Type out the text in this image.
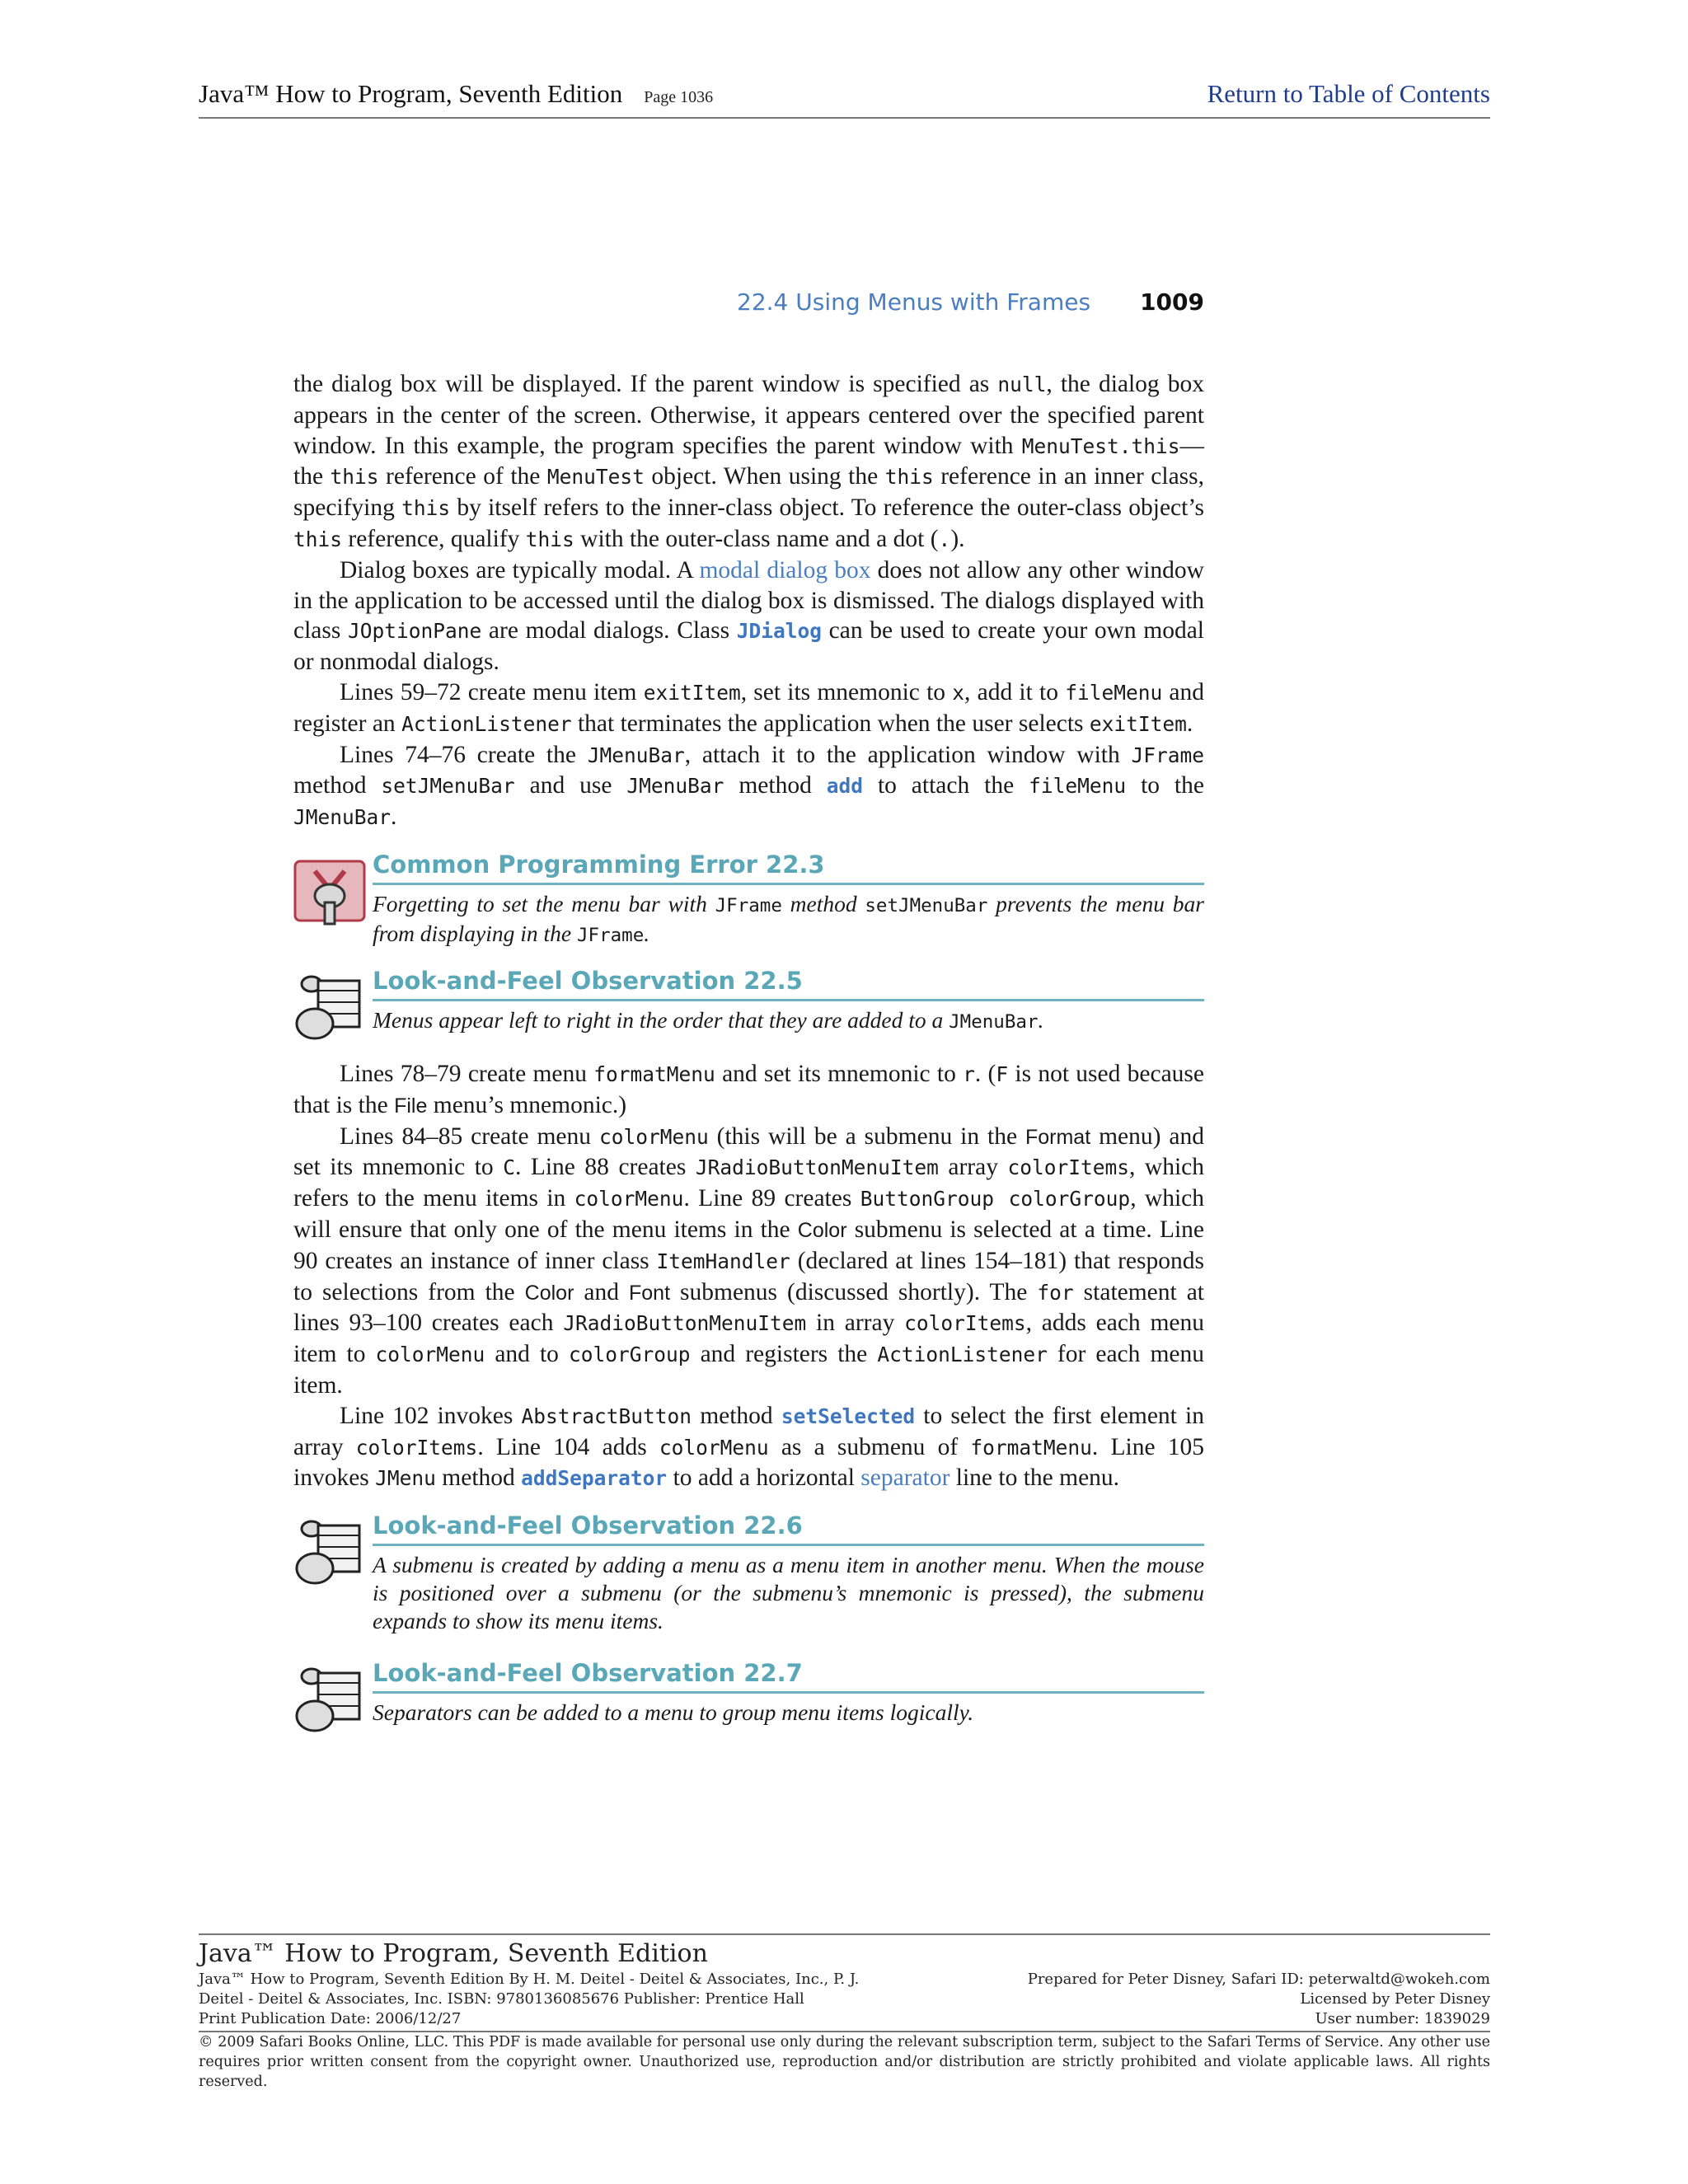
Java™ How to Program, Seventh Edition Page 1036	Return to Table of Contents
22.4 Using Menus with Frames 1009

the dialog box will be displayed. If the parent window is specified as null, the dialog box appears in the center of the screen. Otherwise, it appears centered over the specified parent window. In this example, the program specifies the parent window with MenuTest.this—the this reference of the MenuTest object. When using the this reference in an inner class, specifying this by itself refers to the inner-class object. To reference the outer-class object’s this reference, qualify this with the outer-class name and a dot (.).

Dialog boxes are typically modal. A modal dialog box does not allow any other window in the application to be accessed until the dialog box is dismissed. The dialogs displayed with class JOptionPane are modal dialogs. Class JDialog can be used to create your own modal or nonmodal dialogs.

Lines 59–72 create menu item exitItem, set its mnemonic to x, add it to fileMenu and register an ActionListener that terminates the application when the user selects exitItem.

Lines 74–76 create the JMenuBar, attach it to the application window with JFrame method setJMenuBar and use JMenuBar method add to attach the fileMenu to the JMenuBar.

Common Programming Error 22.3
Forgetting to set the menu bar with JFrame method setJMenuBar prevents the menu bar from displaying in the JFrame.
Look-and-Feel Observation 22.5
Menus appear left to right in the order that they are added to a JMenuBar.

Lines 78–79 create menu formatMenu and set its mnemonic to r. (F is not used because that is the File menu’s mnemonic.)

Lines 84–85 create menu colorMenu (this will be a submenu in the Format menu) and set its mnemonic to C. Line 88 creates JRadioButtonMenuItem array colorItems, which refers to the menu items in colorMenu. Line 89 creates ButtonGroup colorGroup, which will ensure that only one of the menu items in the Color submenu is selected at a time. Line 90 creates an instance of inner class ItemHandler (declared at lines 154–181) that responds to selections from the Color and Font submenus (discussed shortly). The for statement at lines 93–100 creates each JRadioButtonMenuItem in array colorItems, adds each menu item to colorMenu and to colorGroup and registers the ActionListener for each menu item.

Line 102 invokes AbstractButton method setSelected to select the first element in array colorItems. Line 104 adds colorMenu as a submenu of formatMenu. Line 105 invokes JMenu method addSeparator to add a horizontal separator line to the menu.

Look-and-Feel Observation 22.6
A submenu is created by adding a menu as a menu item in another menu. When the mouse is positioned over a submenu (or the submenu’s mnemonic is pressed), the submenu expands to show its menu items.
Look-and-Feel Observation 22.7
Separators can be added to a menu to group menu items logically.
Java™ How to Program, Seventh Edition
Java™ How to Program, Seventh Edition By H. M. Deitel - Deitel & Associates, Inc., P. J.	Prepared for Peter Disney, Safari ID: peterwaltd@wokeh.com
Deitel - Deitel & Associates, Inc. ISBN: 9780136085676 Publisher: Prentice Hall	Licensed by Peter Disney
Print Publication Date: 2006/12/27	User number: 1839029
© 2009 Safari Books Online, LLC. This PDF is made available for personal use only during the relevant subscription term, subject to the Safari Terms of Service. Any other use requires prior written consent from the copyright owner. Unauthorized use, reproduction and/or distribution are strictly prohibited and violate applicable laws. All rights reserved.
